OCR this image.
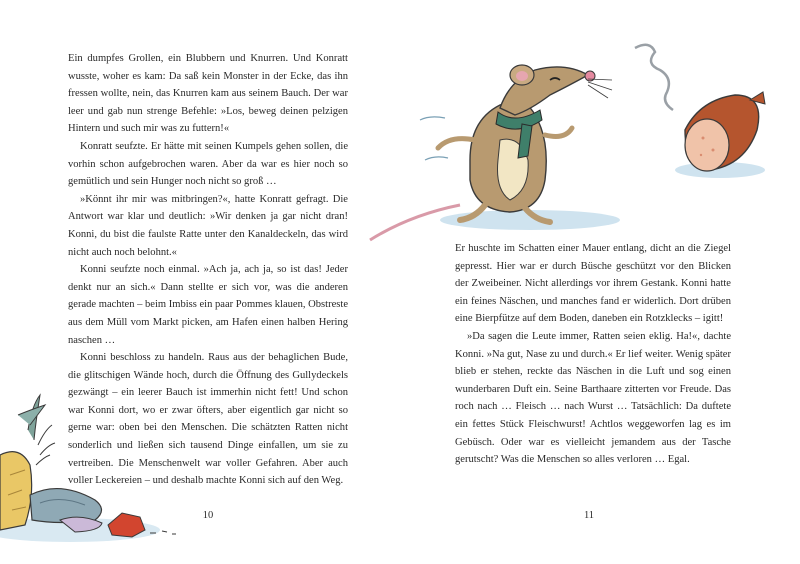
Ein dumpfes Grollen, ein Blubbern und Knurren. Und Konratt wusste, woher es kam: Da saß kein Monster in der Ecke, das ihn fressen wollte, nein, das Knurren kam aus seinem Bauch. Der war leer und gab nun strenge Befehle: »Los, beweg deinen pelzigen Hintern und such mir was zu futtern!«

Konratt seufzte. Er hätte mit seinen Kumpels gehen sollen, die vorhin schon aufgebrochen waren. Aber da war es hier noch so gemütlich und sein Hunger noch nicht so groß …

»Könnt ihr mir was mitbringen?«, hatte Konratt gefragt. Die Antwort war klar und deutlich: »Wir denken ja gar nicht dran! Konni, du bist die faulste Ratte unter den Kanaldeckeln, das wird nicht auch noch belohnt.«

Konni seufzte noch einmal. »Ach ja, ach ja, so ist das! Jeder denkt nur an sich.« Dann stellte er sich vor, was die anderen gerade machten – beim Imbiss ein paar Pommes klauen, Obstreste aus dem Müll vom Markt picken, am Hafen einen halben Hering naschen …

Konni beschloss zu handeln. Raus aus der behaglichen Bude, die glitschigen Wände hoch, durch die Öffnung des Gullydeckels gezwängt – ein leerer Bauch ist immerhin nicht fett! Und schon war Konni dort, wo er zwar öfters, aber eigentlich gar nicht so gerne war: oben bei den Menschen. Die schätzten Ratten nicht sonderlich und ließen sich tausend Dinge einfallen, um sie zu vertreiben. Die Menschenwelt war voller Gefahren. Aber auch voller Leckereien – und deshalb machte Konni sich auf den Weg.

10

Er huschte im Schatten einer Mauer entlang, dicht an die Ziegel gepresst. Hier war er durch Büsche geschützt vor den Blicken der Zweibeiner. Nicht allerdings vor ihrem Gestank. Konni hatte ein feines Näschen, und manches fand er widerlich. Dort drüben eine Bierpfütze auf dem Boden, daneben ein Rotzklecks – igitt!

»Da sagen die Leute immer, Ratten seien eklig. Ha!«, dachte Konni. »Na gut, Nase zu und durch.« Er lief weiter. Wenig später blieb er stehen, reckte das Näschen in die Luft und sog einen wunderbaren Duft ein. Seine Barthaare zitterten vor Freude. Das roch nach … Fleisch … nach Wurst … Tatsächlich: Da duftete ein fettes Stück Fleischwurst! Achtlos weggeworfen lag es im Gebüsch. Oder war es vielleicht jemandem aus der Tasche gerutscht? Was die Menschen so alles verloren … Egal.

11
